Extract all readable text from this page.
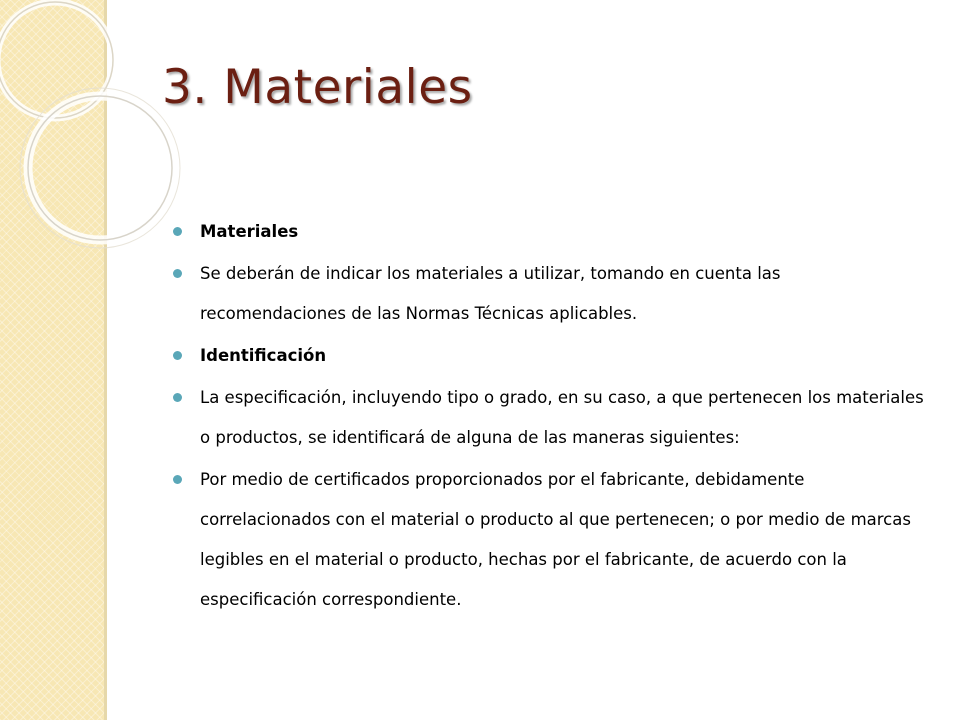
3. Materiales
Materiales
Se deberán de indicar los materiales a utilizar, tomando en cuenta las recomendaciones de las Normas Técnicas aplicables.
Identificación
La especificación, incluyendo tipo o grado, en su caso, a que pertenecen los materiales o productos, se identificará de alguna de las maneras siguientes:
Por medio de certificados proporcionados por el fabricante, debidamente correlacionados con el material o producto al que pertenecen; o por medio de marcas legibles en el material o producto, hechas por el fabricante, de acuerdo con la especificación correspondiente.
